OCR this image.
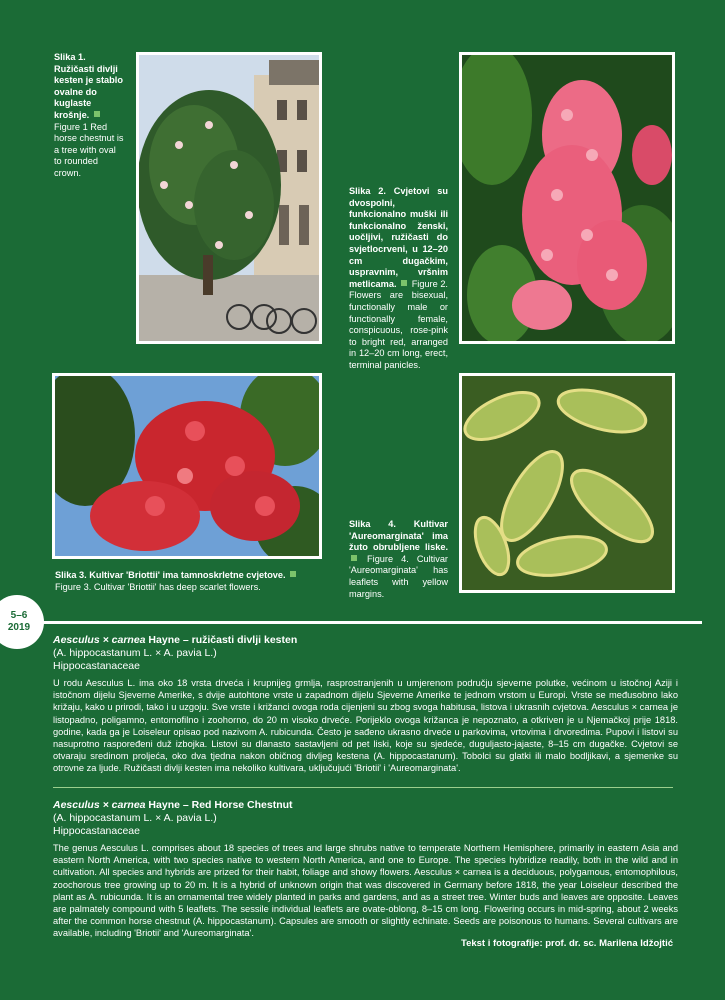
Slika 1. Ružičasti divlji kesten je stablo ovalne do kuglaste krošnje.  Figure 1 Red horse chestnut is a tree with oval to rounded crown.
Slika 2. Cvjetovi su dvospolni, funkcionalno muški ili funkcionalno ženski, uočljivi, ružičasti do svjetlocrveni, u 12–20 cm dugačkim, uspravnim, vršnim metlicama. Figure 2. Flowers are bisexual, functionally male or functionally female, conspicuous, rose-pink to bright red, arranged in 12–20 cm long, erect, terminal panicles.
Slika 3. Kultivar 'Briottii' ima tamnoskrletne cvjetove.  Figure 3. Cultivar 'Briottii' has deep scarlet flowers.
Slika 4. Kultivar 'Aureomarginata' ima žuto obrubljene liske.  Figure 4. Cultivar 'Aureomarginata' has leaflets with yellow margins.
5–6
2019
Aesculus × carnea Hayne – ružičasti divlji kesten
(A. hippocastanum L. × A. pavia L.)
Hippocastanaceae
U rodu Aesculus L. ima oko 18 vrsta drveća i krupnijeg grmlja, rasprostranjenih u umjerenom području sjeverne polutke, većinom u istočnoj Aziji i istočnom dijelu Sjeverne Amerike, s dvije autohtone vrste u zapadnom dijelu Sjeverne Amerike te jednom vrstom u Europi. Vrste se međusobno lako križaju, kako u prirodi, tako i u uzgoju. Sve vrste i križanci ovoga roda cijenjeni su zbog svoga habitusa, listova i ukrasnih cvjetova. Aesculus × carnea je listopadno, poligamno, entomofilno i zoohorno, do 20 m visoko drveće. Porijeklo ovoga križanca je nepoznato, a otkriven je u Njemačkoj prije 1818. godine, kada ga je Loiseleur opisao pod nazivom A. rubicunda. Često je sađeno ukrasno drveće u parkovima, vrtovima i drvoredima. Pupovi i listovi su nasuprotno raspoređeni duž izbojka. Listovi su dlanasto sastavljeni od pet liski, koje su sjedeće, duguljasto-jajaste, 8–15 cm dugačke. Cvjetovi se otvaraju sredinom proljeća, oko dva tjedna nakon običnog divljeg kestena (A. hippocastanum). Tobolci su glatki ili malo bodljikavi, a sjemenke su otrovne za ljude. Ružičasti divlji kesten ima nekoliko kultivara, uključujući 'Briotii' i 'Aureomarginata'.
Aesculus × carnea Hayne – Red Horse Chestnut
(A. hippocastanum L. × A. pavia L.)
Hippocastanaceae
The genus Aesculus L. comprises about 18 species of trees and large shrubs native to temperate Northern Hemisphere, primarily in eastern Asia and eastern North America, with two species native to western North America, and one to Europe. The species hybridize readily, both in the wild and in cultivation. All species and hybrids are prized for their habit, foliage and showy flowers. Aesculus × carnea is a deciduous, polygamous, entomophilous, zoochorous tree growing up to 20 m. It is a hybrid of unknown origin that was discovered in Germany before 1818, the year Loiseleur described the plant as A. rubicunda. It is an ornamental tree widely planted in parks and gardens, and as a street tree. Winter buds and leaves are opposite. Leaves are palmately compound with 5 leaflets. The sessile individual leaflets are ovate-oblong, 8–15 cm long. Flowering occurs in mid-spring, about 2 weeks after the common horse chestnut (A. hippocastanum). Capsules are smooth or slightly echinate. Seeds are poisonous to humans. Several cultivars are available, including 'Briotii' and 'Aureomarginata'.
Tekst i fotografije: prof. dr. sc. Marilena Idžojtić
